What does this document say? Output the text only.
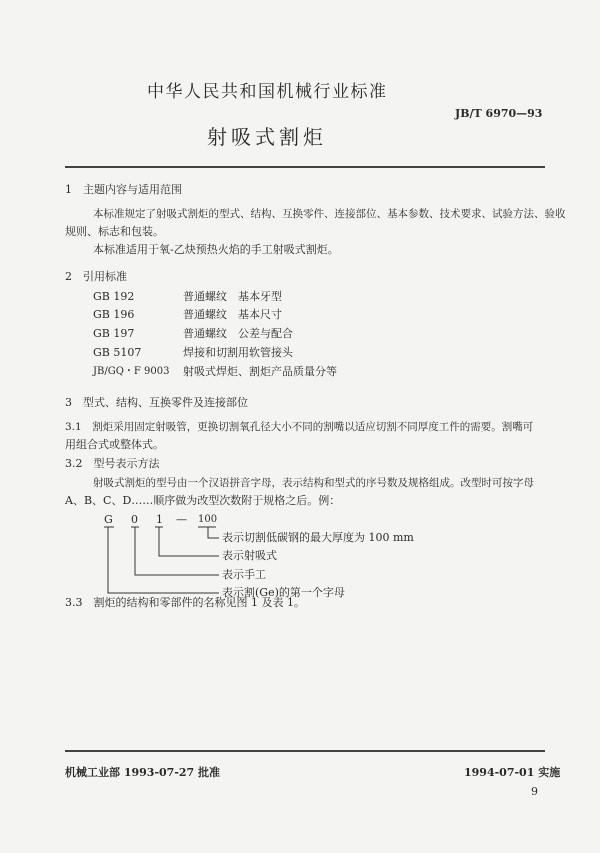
中华人民共和国机械行业标准
JB/T 6970—93
射吸式割炬
1　主题内容与适用范围
本标准规定了射吸式割炬的型式、结构、互换零件、连接部位、基本参数、技术要求、试验方法、验收
规则、标志和包装。
本标准适用于氧-乙炔预热火焰的手工射吸式割炬。
2　引用标准
GB 192	普通螺纹　基本牙型
GB 196	普通螺纹　基本尺寸
GB 197	普通螺纹　公差与配合
GB 5107	焊接和切割用软管接头
JB/GQ・F 9003 射吸式焊炬、割炬产品质量分等
3　型式、结构、互换零件及连接部位
3.1　割炬采用固定射吸管，更换切割氧孔径大小不同的割嘴以适应切割不同厚度工件的需要。割嘴可
用组合式或整体式。
3.2　型号表示方法
射吸式割炬的型号由一个汉语拼音字母，表示结构和型式的序号数及规格组成。改型时可按字母
A、B、C、D……顺序做为改型次数附于规格之后。例：
G 0 1 — 100
表示切割低碳钢的最大厚度为 100 mm
表示射吸式
表示手工
表示割(Ge)的第一个字母
3.3　割炬的结构和零部件的名称见图 1 及表 1。
机械工业部 1993-07-27 批准	1994-07-01 实施
9
